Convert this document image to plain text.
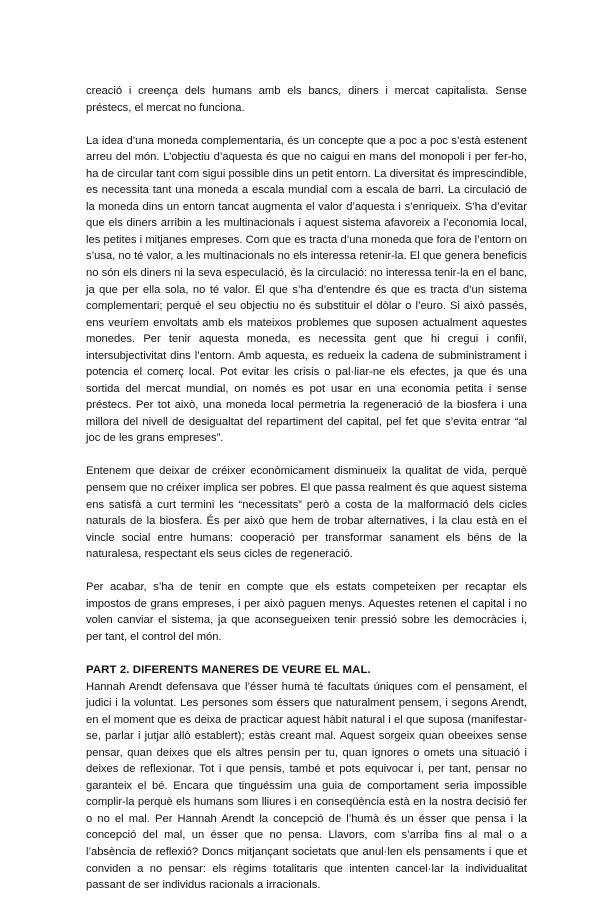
creació i creença dels humans amb els bancs, diners i mercat capitalista. Sense préstecs, el mercat no funciona.

La idea d’una moneda complementaria, és un concepte que a poc a poc s’està estenent arreu del món. L’objectiu d’aquesta és que no caigui en mans del monopoli i per fer-ho, ha de circular tant com sigui possible dins un petit entorn. La diversitat és imprescindible, es necessita tant una moneda a escala mundial com a escala de barri. La circulació de la moneda dins un entorn tancat augmenta el valor d’aquesta i s’enriqueix. S’ha d’evitar que els diners arribin a les multinacionals i aquest sistema afavoreix a l’economia local, les petites i mitjanes empreses. Com que es tracta d’una moneda que fora de l’entorn on s’usa, no té valor, a les multinacionals no els interessa retenir-la. El que genera beneficis no són els diners ni la seva especulació, és la circulació: no interessa tenir-la en el banc, ja que per ella sola, no té valor. El que s’ha d’entendre és que es tracta d’un sistema complementari; perquè el seu objectiu no és substituir el dòlar o l’euro. Si això passés, ens veuríem envoltats amb els mateixos problemes que suposen actualment aquestes monedes. Per tenir aquesta moneda, es necessita gent que hi cregui i confiï, intersubjectivitat dins l’entorn. Amb aquesta, es redueix la cadena de subministrament i potencia el comerç local. Pot evitar les crisis o pal·liar-ne els efectes, ja que és una sortida del mercat mundial, on només es pot usar en una economia petita i sense préstecs. Per tot això, una moneda local permetria la regeneració de la biosfera i una millora del nivell de desigualtat del repartiment del capital, pel fet que s’evita entrar “al joc de les grans empreses”.

Entenem que deixar de créixer econòmicament disminueix la qualitat de vida, perquè pensem que no créixer implica ser pobres. El que passa realment és que aquest sistema ens satisfà a curt termini les “necessitats” però a costa de la malformació dels cicles naturals de la biosfera. És per això que hem de trobar alternatives, i la clau està en el vincle social entre humans: cooperació per transformar sanament els béns de la naturalesa, respectant els seus cicles de regeneració.

Per acabar, s’ha de tenir en compte que els estats competeixen per recaptar els impostos de grans empreses, i per això paguen menys. Aquestes retenen el capital i no volen canviar el sistema, ja que aconsegueixen tenir pressió sobre les democràcies i, per tant, el control del món.

PART 2. DIFERENTS MANERES DE VEURE EL MAL.

Hannah Arendt defensava que l’ésser humà té facultats úniques com el pensament, el judici i la voluntat. Les persones som éssers que naturalment pensem, i segons Arendt, en el moment que es deixa de practicar aquest hàbit natural i el que suposa (manifestar-se, parlar i jutjar allò establert); estàs creant mal. Aquest sorgeix quan obeeixes sense pensar, quan deixes que els altres pensin per tu, quan ignores o omets una situació i deixes de reflexionar. Tot i que pensis, també et pots equivocar i, per tant, pensar no garanteix el bé. Encara que tinguéssim una guia de comportament seria impossible complir-la perquè els humans som lliures i en conseqüència està en la nostra decisió fer o no el mal. Per Hannah Arendt la concepció de l’humà és un ésser que pensa i la concepció del mal, un ésser que no pensa. Llavors, com s’arriba fins al mal o a l’absència de reflexió? Doncs mitjançant societats que anul·len els pensaments i que et conviden a no pensar: els règims totalitaris que intenten cancel·lar la individualitat passant de ser individus racionals a irracionals.
